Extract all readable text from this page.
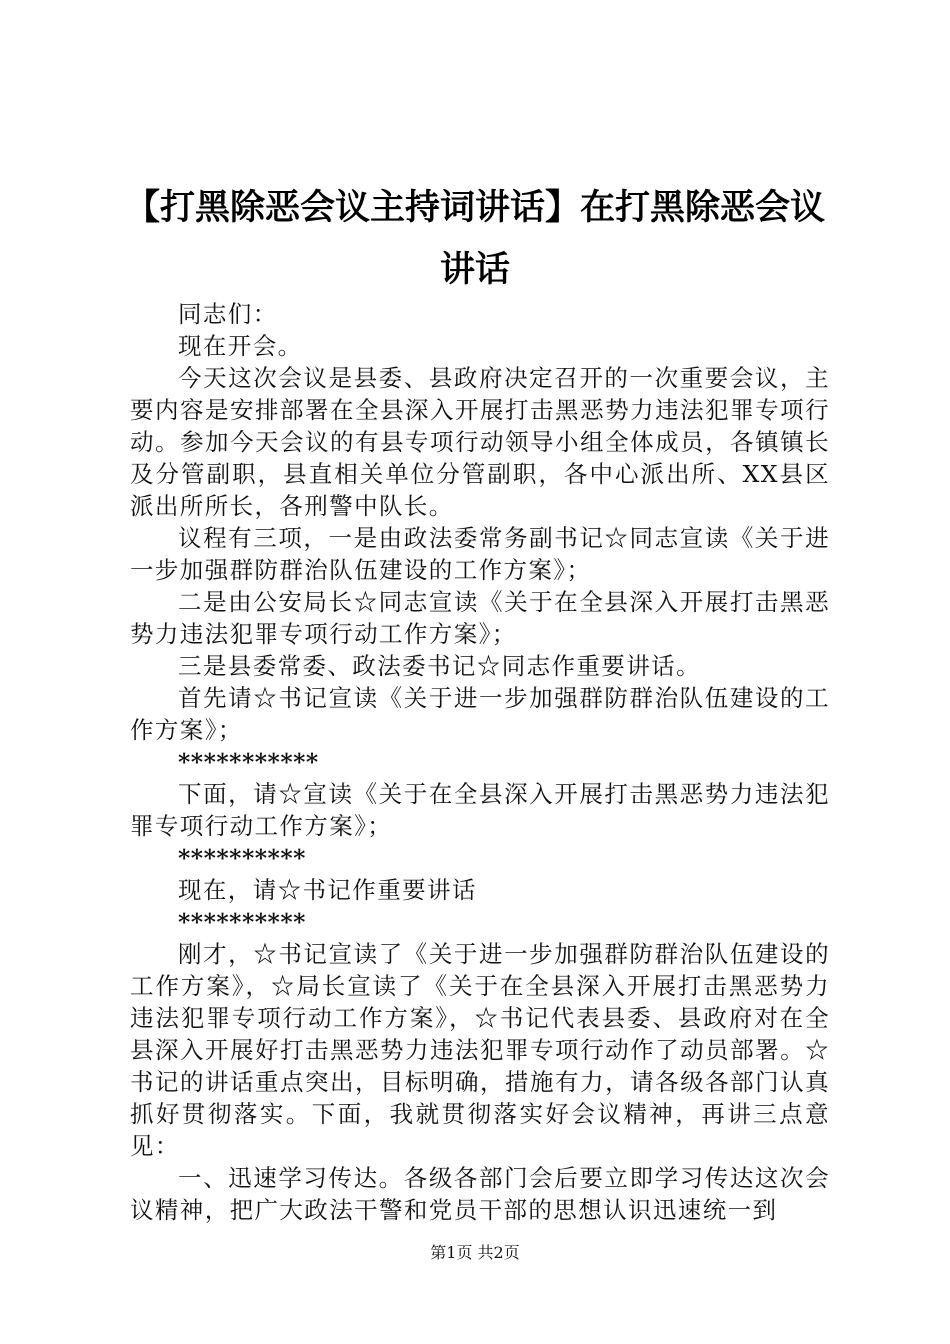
【打黑除恶会议主持词讲话】在打黑除恶会议
讲话

同志们：

现在开会。

今天这次会议是县委、县政府决定召开的一次重要会议，主要内容是安排部署在全县深入开展打击黑恶势力违法犯罪专项行动。参加今天会议的有县专项行动领导小组全体成员，各镇镇长及分管副职，县直相关单位分管副职，各中心派出所、XX县区派出所所长，各刑警中队长。

议程有三项，一是由政法委常务副书记☆同志宣读《关于进一步加强群防群治队伍建设的工作方案》；

二是由公安局长☆同志宣读《关于在全县深入开展打击黑恶势力违法犯罪专项行动工作方案》；

三是县委常委、政法委书记☆同志作重要讲话。

首先请☆书记宣读《关于进一步加强群防群治队伍建设的工作方案》；

***********

下面，请☆宣读《关于在全县深入开展打击黑恶势力违法犯罪专项行动工作方案》；

**********

现在，请☆书记作重要讲话

**********

刚才，☆书记宣读了《关于进一步加强群防群治队伍建设的工作方案》，☆局长宣读了《关于在全县深入开展打击黑恶势力违法犯罪专项行动工作方案》，☆书记代表县委、县政府对在全县深入开展好打击黑恶势力违法犯罪专项行动作了动员部署。☆书记的讲话重点突出，目标明确，措施有力，请各级各部门认真抓好贯彻落实。下面，我就贯彻落实好会议精神，再讲三点意见：

一、迅速学习传达。各级各部门会后要立即学习传达这次会议精神，把广大政法干警和党员干部的思想认识迅速统一到

第1页 共2页
